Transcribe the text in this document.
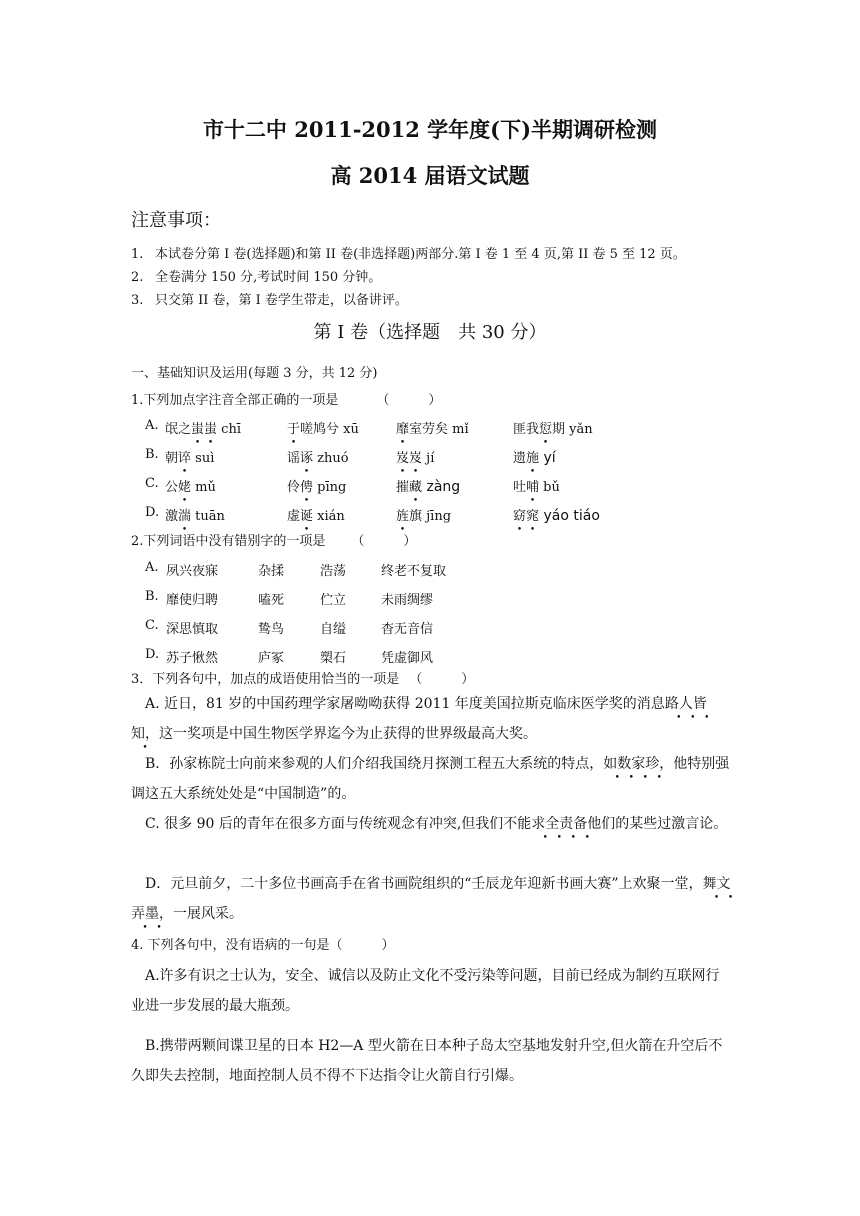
市十二中 2011-2012 学年度(下)半期调研检测
高 2014 届语文试题
注意事项：
1. 本试卷分第 I 卷(选择题)和第 II 卷(非选择题)两部分.第 I 卷 1 至 4 页,第 II 卷 5 至 12 页。
2. 全卷满分 150 分,考试时间 150 分钟。
3. 只交第 II 卷，第 I 卷学生带走，以备讲评。
第 I 卷（选择题　共 30 分）
一、基础知识及运用(每题 3 分，共 12 分)
1.下列加点字注音全部正确的一项是	（　　　）
A. 氓之蚩蚩 chī	于嗟鸠兮 xū	靡室劳矣 mǐ	匪我愆期 yǎn
B. 朝谇 suì	谣诼 zhuó	岌岌 jí	遗施 yí
C. 公姥 mǔ	伶俜 pīng	摧藏 zàng	吐哺 bǔ
D. 激湍 tuān	虚诞 xián	旌旗 jīng	窈窕 yáo tiáo
2.下列词语中没有错别字的一项是 （　　　）
A. 夙兴夜寐	杂揉	浩荡	终老不复取
B. 靡使归聘	嗑死	伫立	未雨绸缪
C. 深思慎取	鸷鸟	自缢	杳无音信
D. 苏子愀然	庐冢	槊石	凭虚御风
3．下列各句中，加点的成语使用恰当的一项是 （　　　）
A. 近日，81 岁的中国药理学家屠呦呦获得 2011 年度美国拉斯克临床医学奖的消息路人皆知，这一奖项是中国生物医学界迄今为止获得的世界级最高大奖。
B．孙家栋院士向前来参观的人们介绍我国绕月探测工程五大系统的特点，如数家珍，他特别强调这五大系统处处是“中国制造”的。
C. 很多 90 后的青年在很多方面与传统观念有冲突,但我们不能求全责备他们的某些过激言论。
D．元旦前夕，二十多位书画高手在省书画院组织的“壬辰龙年迎新书画大赛”上欢聚一堂，舞文弄墨，一展风采。
4. 下列各句中，没有语病的一句是（　　　）
A.许多有识之士认为，安全、诚信以及防止文化不受污染等问题，目前已经成为制约互联网行业进一步发展的最大瓶颈。
B.携带两颗间谍卫星的日本 H2—A 型火箭在日本种子岛太空基地发射升空,但火箭在升空后不久即失去控制，地面控制人员不得不下达指令让火箭自行引爆。
